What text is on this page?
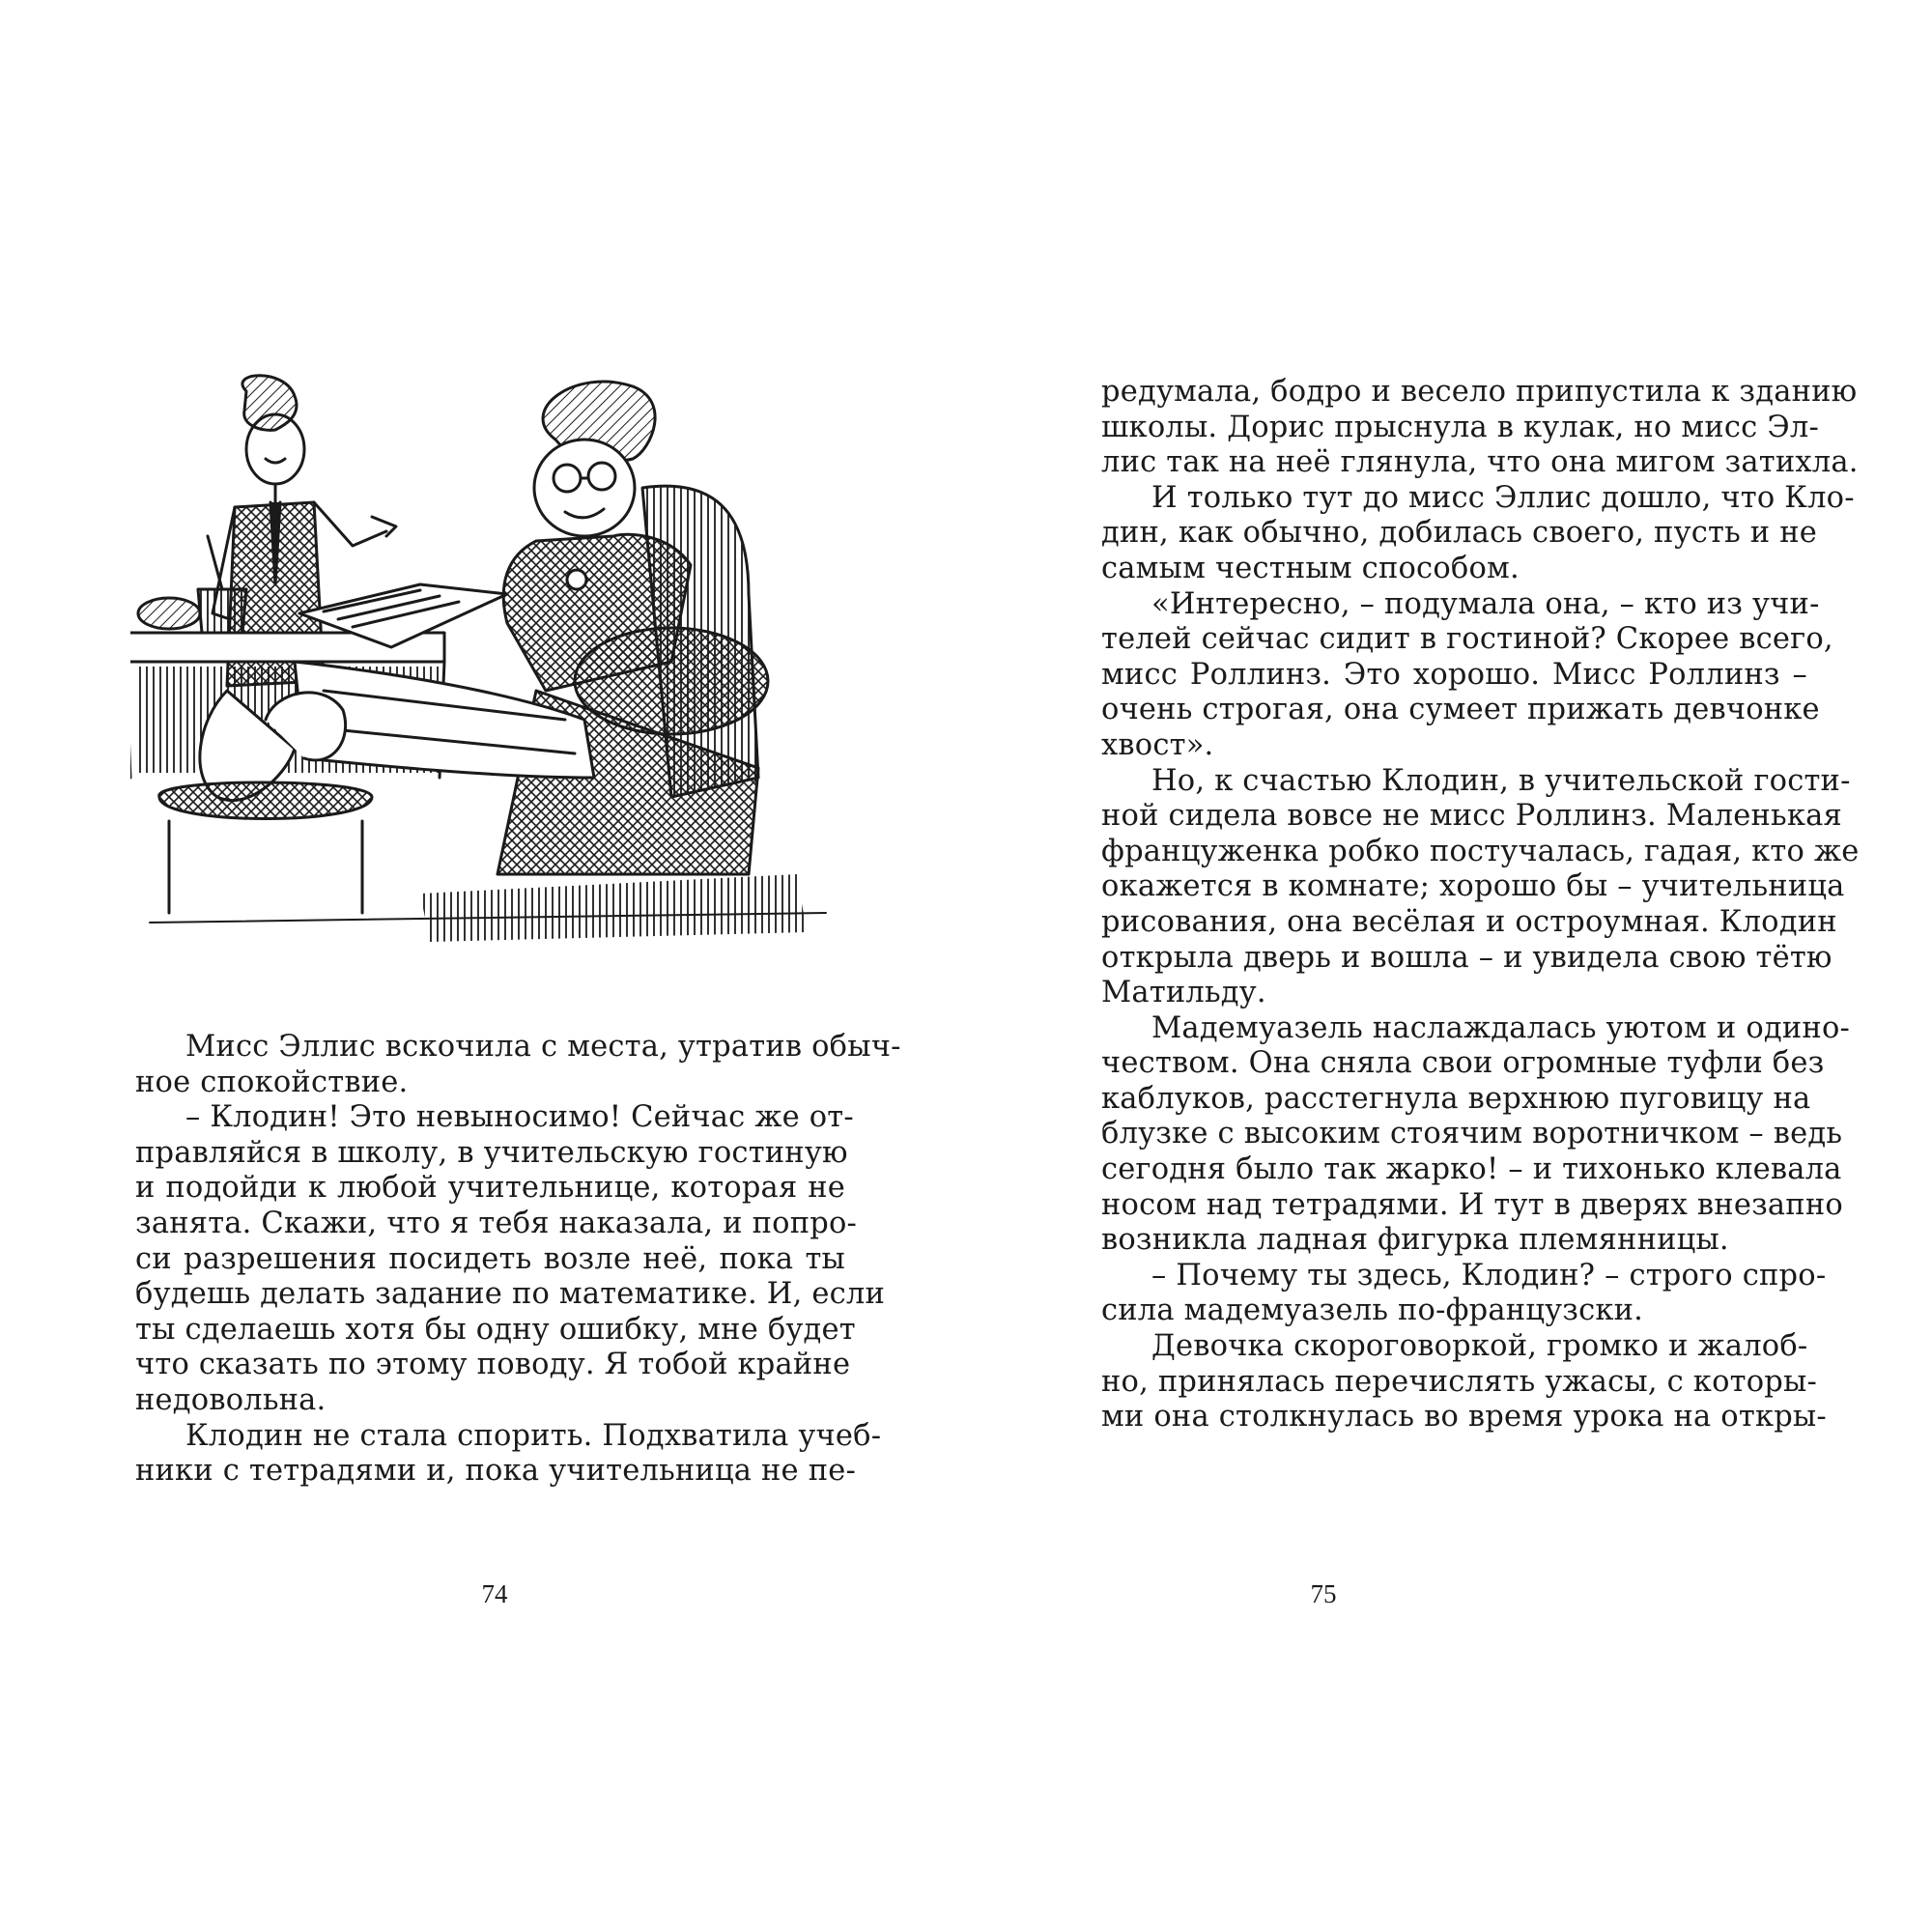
Мисс Эллис вскочила с места, утратив обыч-
ное спокойствие.
– Клодин! Это невыносимо! Сейчас же от-
правляйся в школу, в учительскую гостиную
и подойди к любой учительнице, которая не
занята. Скажи, что я тебя наказала, и попро-
си разрешения посидеть возле неё, пока ты
будешь делать задание по математике. И, если
ты сделаешь хотя бы одну ошибку, мне будет
что сказать по этому поводу. Я тобой крайне
недовольна.
Клодин не стала спорить. Подхватила учеб-
ники с тетрадями и, пока учительница не пе-
74
редумала, бодро и весело припустила к зданию
школы. Дорис прыснула в кулак, но мисс Эл-
лис так на неё глянула, что она мигом затихла.
И только тут до мисс Эллис дошло, что Кло-
дин, как обычно, добилась своего, пусть и не
самым честным способом.
«Интересно, – подумала она, – кто из учи-
телей сейчас сидит в гостиной? Скорее всего,
мисс Роллинз. Это хорошо. Мисс Роллинз –
очень строгая, она сумеет прижать девчонке
хвост».
Но, к счастью Клодин, в учительской гости-
ной сидела вовсе не мисс Роллинз. Маленькая
француженка робко постучалась, гадая, кто же
окажется в комнате; хорошо бы – учительница
рисования, она весёлая и остроумная. Клодин
открыла дверь и вошла – и увидела свою тётю
Матильду.
Мадемуазель наслаждалась уютом и одино-
чеством. Она сняла свои огромные туфли без
каблуков, расстегнула верхнюю пуговицу на
блузке с высоким стоячим воротничком – ведь
сегодня было так жарко! – и тихонько клевала
носом над тетрадями. И тут в дверях внезапно
возникла ладная фигурка племянницы.
– Почему ты здесь, Клодин? – строго спро-
сила мадемуазель по-французски.
Девочка скороговоркой, громко и жалоб-
но, принялась перечислять ужасы, с которы-
ми она столкнулась во время урока на откры-
75
